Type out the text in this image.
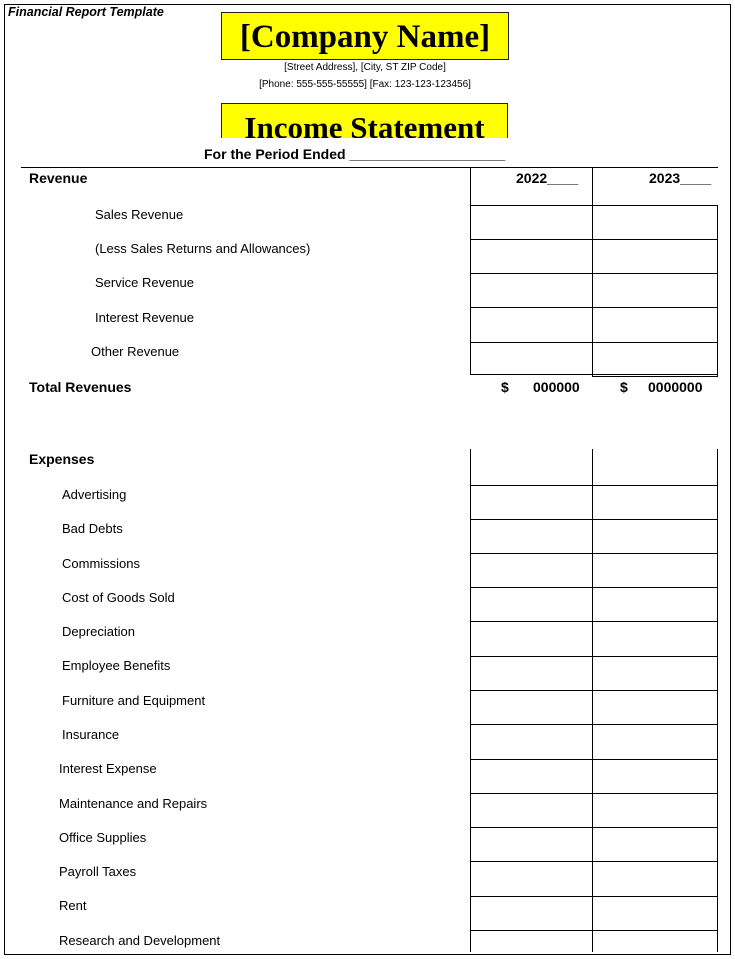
Financial Report Template
[Company Name]
[Street Address], [City, ST ZIP Code]
[Phone: 555-555-55555] [Fax: 123-123-123456]
Income Statement
For the Period Ended ____________________
Revenue	2022____	2023____
Sales Revenue
(Less Sales Returns and Allowances)
Service Revenue
Interest Revenue
Other Revenue
Total Revenues	$ 000000	$ 0000000
Expenses
Advertising
Bad Debts
Commissions
Cost of Goods Sold
Depreciation
Employee Benefits
Furniture and Equipment
Insurance
Interest Expense
Maintenance and Repairs
Office Supplies
Payroll Taxes
Rent
Research and Development
